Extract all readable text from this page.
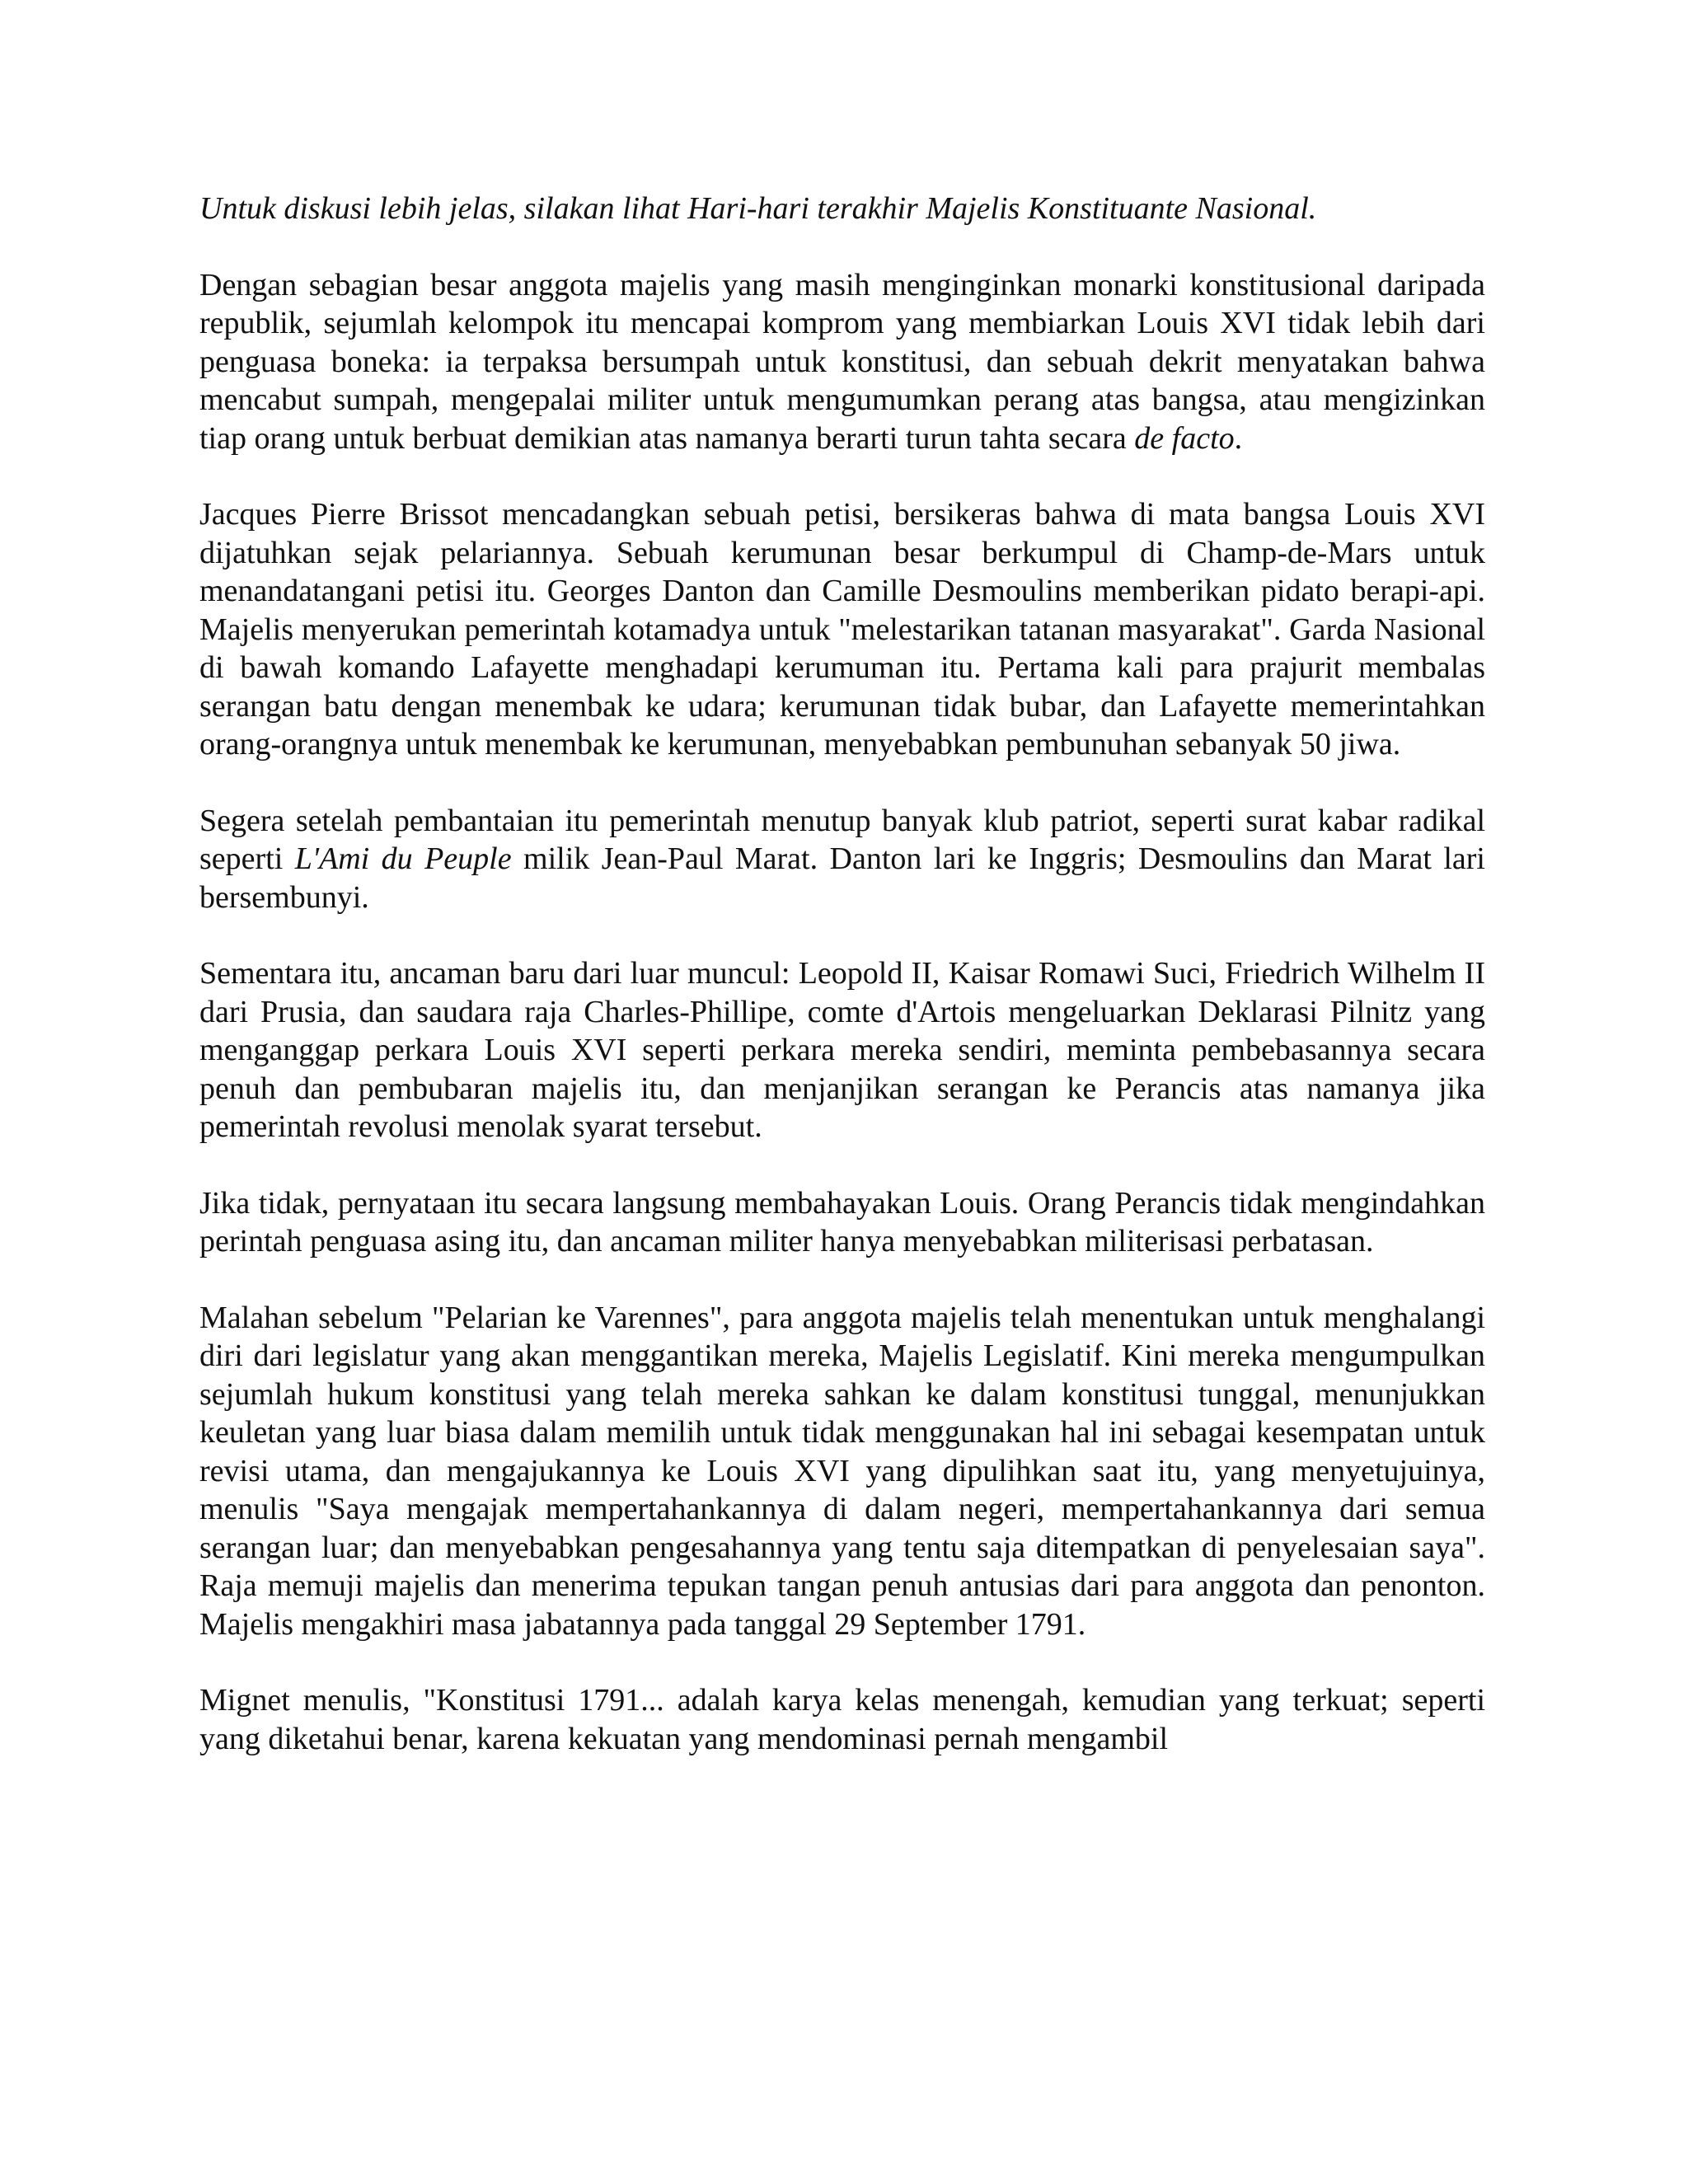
Untuk diskusi lebih jelas, silakan lihat Hari-hari terakhir Majelis Konstituante Nasional.

Dengan sebagian besar anggota majelis yang masih menginginkan monarki konstitusional daripada republik, sejumlah kelompok itu mencapai komprom yang membiarkan Louis XVI tidak lebih dari penguasa boneka: ia terpaksa bersumpah untuk konstitusi, dan sebuah dekrit menyatakan bahwa mencabut sumpah, mengepalai militer untuk mengumumkan perang atas bangsa, atau mengizinkan tiap orang untuk berbuat demikian atas namanya berarti turun tahta secara de facto.

Jacques Pierre Brissot mencadangkan sebuah petisi, bersikeras bahwa di mata bangsa Louis XVI dijatuhkan sejak pelariannya. Sebuah kerumunan besar berkumpul di Champ-de-Mars untuk menandatangani petisi itu. Georges Danton dan Camille Desmoulins memberikan pidato berapi-api. Majelis menyerukan pemerintah kotamadya untuk "melestarikan tatanan masyarakat". Garda Nasional di bawah komando Lafayette menghadapi kerumuman itu. Pertama kali para prajurit membalas serangan batu dengan menembak ke udara; kerumunan tidak bubar, dan Lafayette memerintahkan orang-orangnya untuk menembak ke kerumunan, menyebabkan pembunuhan sebanyak 50 jiwa.

Segera setelah pembantaian itu pemerintah menutup banyak klub patriot, seperti surat kabar radikal seperti L'Ami du Peuple milik Jean-Paul Marat. Danton lari ke Inggris; Desmoulins dan Marat lari bersembunyi.

Sementara itu, ancaman baru dari luar muncul: Leopold II, Kaisar Romawi Suci, Friedrich Wilhelm II dari Prusia, dan saudara raja Charles-Phillipe, comte d'Artois mengeluarkan Deklarasi Pilnitz yang menganggap perkara Louis XVI seperti perkara mereka sendiri, meminta pembebasannya secara penuh dan pembubaran majelis itu, dan menjanjikan serangan ke Perancis atas namanya jika pemerintah revolusi menolak syarat tersebut.

Jika tidak, pernyataan itu secara langsung membahayakan Louis. Orang Perancis tidak mengindahkan perintah penguasa asing itu, dan ancaman militer hanya menyebabkan militerisasi perbatasan.

Malahan sebelum "Pelarian ke Varennes", para anggota majelis telah menentukan untuk menghalangi diri dari legislatur yang akan menggantikan mereka, Majelis Legislatif. Kini mereka mengumpulkan sejumlah hukum konstitusi yang telah mereka sahkan ke dalam konstitusi tunggal, menunjukkan keuletan yang luar biasa dalam memilih untuk tidak menggunakan hal ini sebagai kesempatan untuk revisi utama, dan mengajukannya ke Louis XVI yang dipulihkan saat itu, yang menyetujuinya, menulis "Saya mengajak mempertahankannya di dalam negeri, mempertahankannya dari semua serangan luar; dan menyebabkan pengesahannya yang tentu saja ditempatkan di penyelesaian saya". Raja memuji majelis dan menerima tepukan tangan penuh antusias dari para anggota dan penonton. Majelis mengakhiri masa jabatannya pada tanggal 29 September 1791.

Mignet menulis, "Konstitusi 1791... adalah karya kelas menengah, kemudian yang terkuat; seperti yang diketahui benar, karena kekuatan yang mendominasi pernah mengambil
